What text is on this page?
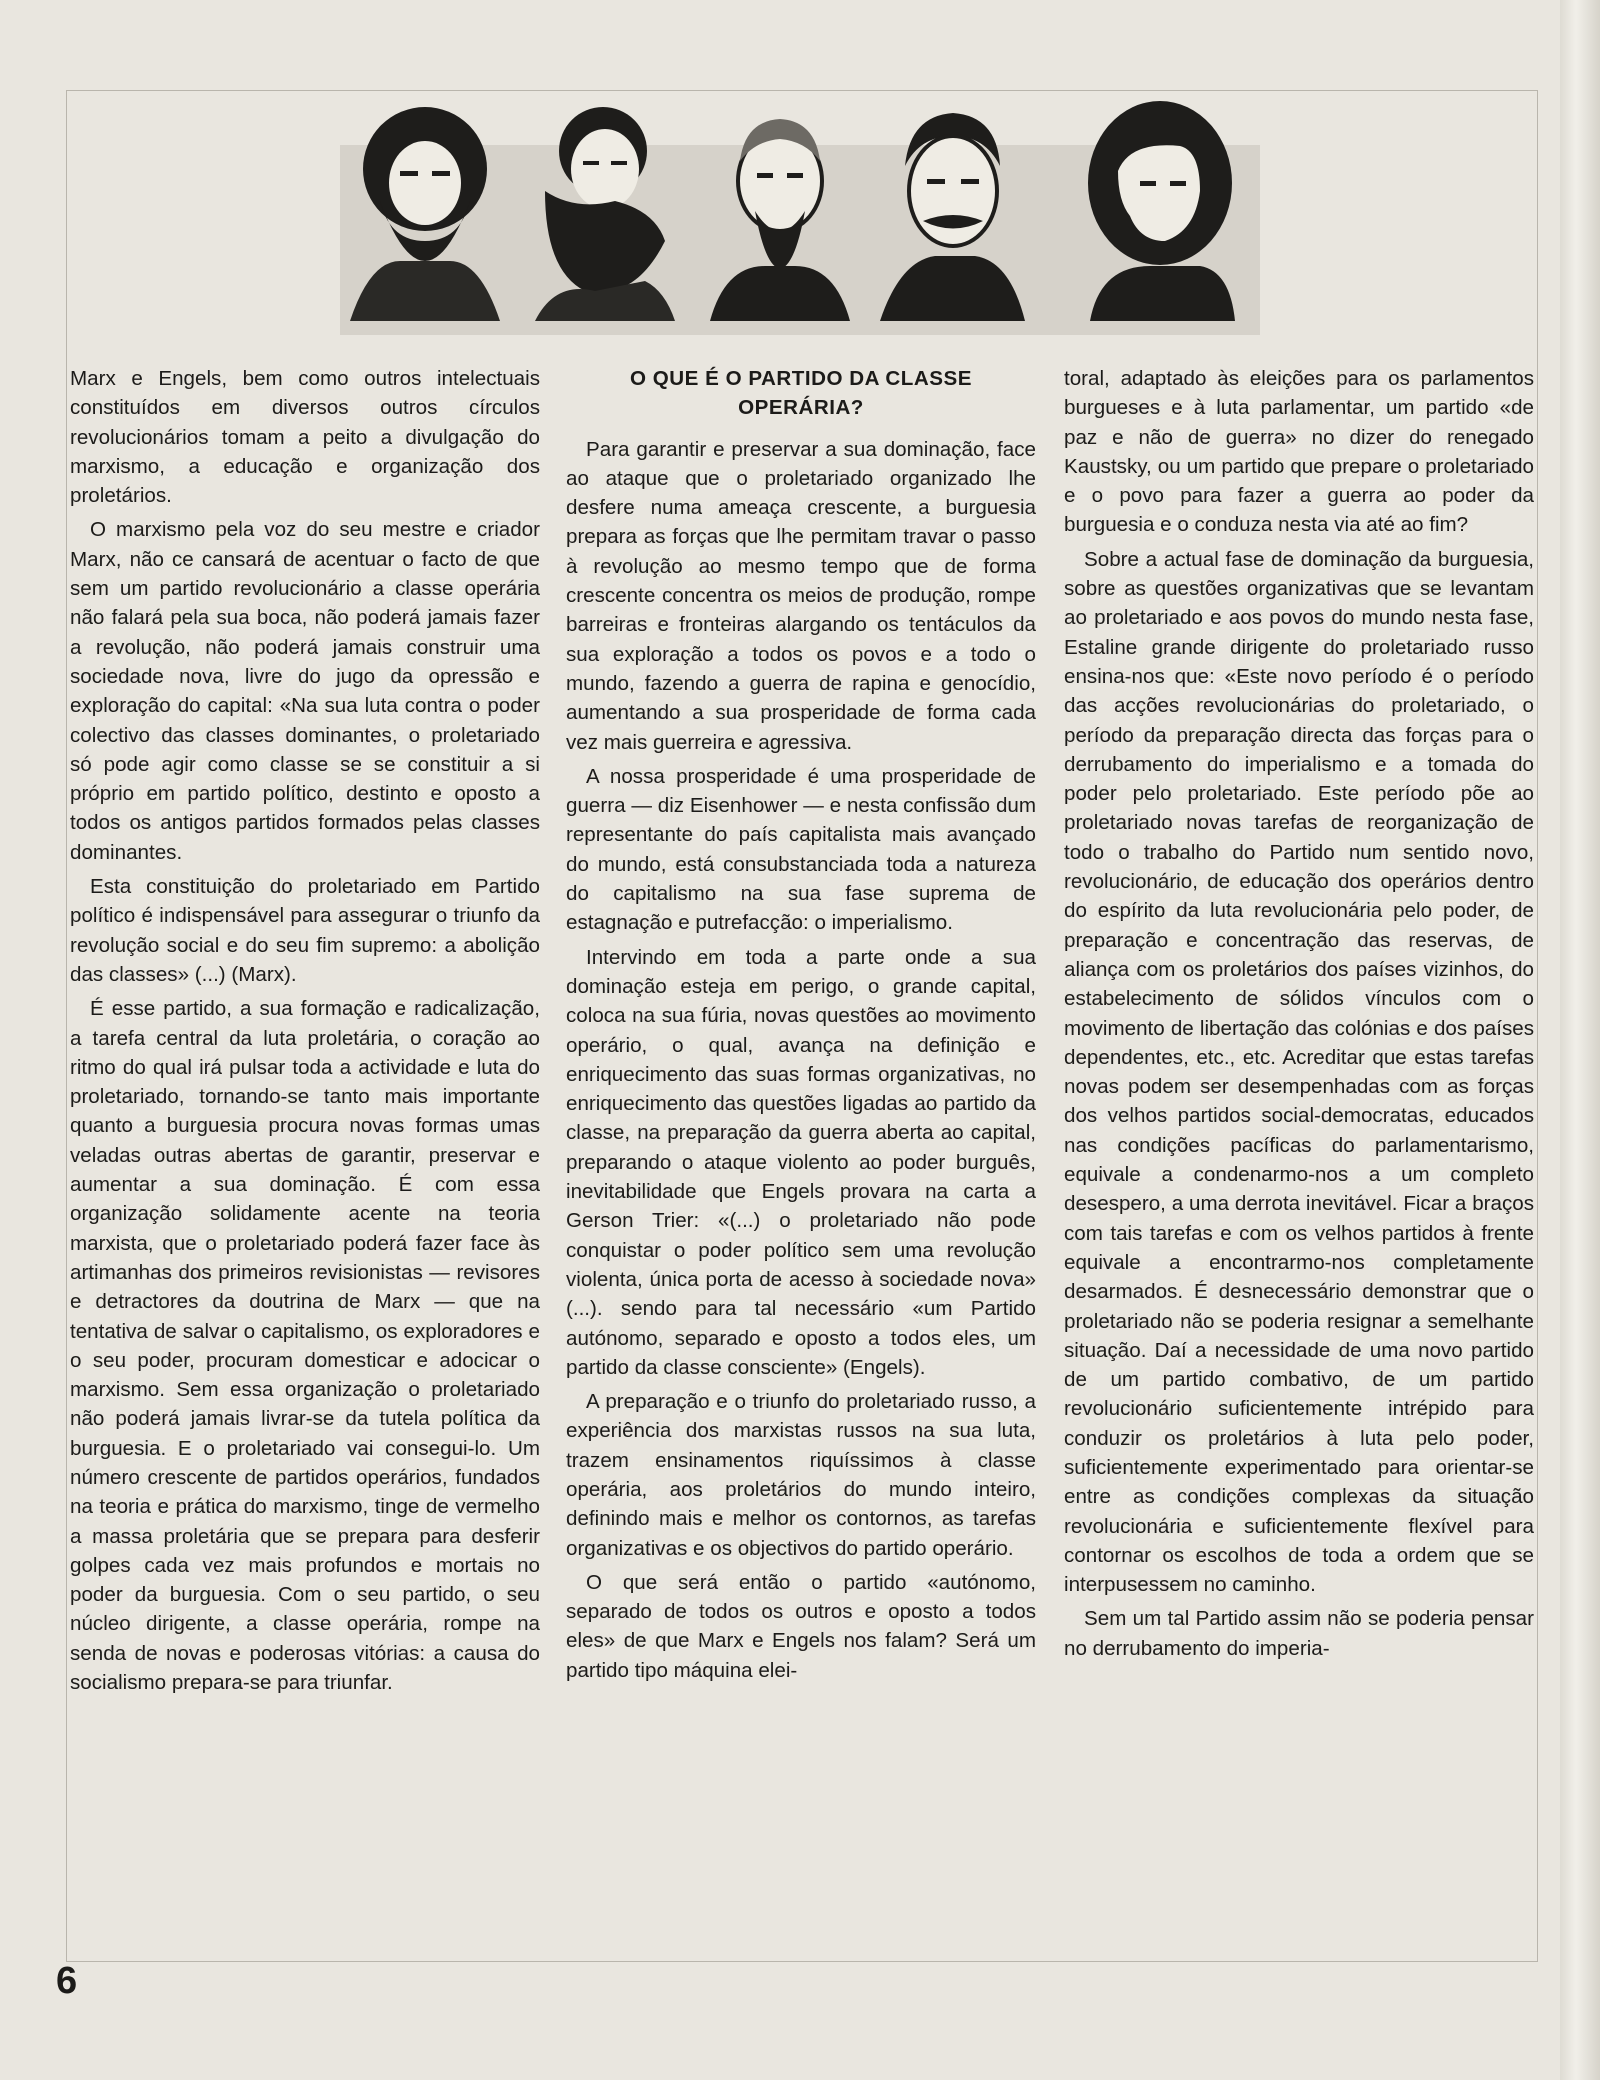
Marx e Engels, bem como outros intelectuais constituídos em diversos outros círculos revolucionários tomam a peito a divulgação do marxismo, a educação e organização dos proletários.

O marxismo pela voz do seu mestre e criador Marx, não ce cansará de acentuar o facto de que sem um partido revolucionário a classe operária não falará pela sua boca, não poderá jamais fazer a revolução, não poderá jamais construir uma sociedade nova, livre do jugo da opressão e exploração do capital: «Na sua luta contra o poder colectivo das classes dominantes, o proletariado só pode agir como classe se se constituir a si próprio em partido político, destinto e oposto a todos os antigos partidos formados pelas classes dominantes.

Esta constituição do proletariado em Partido político é indispensável para assegurar o triunfo da revolução social e do seu fim supremo: a abolição das classes» (...) (Marx).

É esse partido, a sua formação e radicalização, a tarefa central da luta proletária, o coração ao ritmo do qual irá pulsar toda a actividade e luta do proletariado, tornando-se tanto mais importante quanto a burguesia procura novas formas umas veladas outras abertas de garantir, preservar e aumentar a sua dominação. É com essa organização solidamente acente na teoria marxista, que o proletariado poderá fazer face às artimanhas dos primeiros revisionistas — revisores e detractores da doutrina de Marx — que na tentativa de salvar o capitalismo, os exploradores e o seu poder, procuram domesticar e adocicar o marxismo. Sem essa organização o proletariado não poderá jamais livrar-se da tutela política da burguesia. E o proletariado vai consegui-lo. Um número crescente de partidos operários, fundados na teoria e prática do marxismo, tinge de vermelho a massa proletária que se prepara para desferir golpes cada vez mais profundos e mortais no poder da burguesia. Com o seu partido, o seu núcleo dirigente, a classe operária, rompe na senda de novas e poderosas vitórias: a causa do socialismo prepara-se para triunfar.

O QUE É O PARTIDO DA CLASSE OPERÁRIA?

Para garantir e preservar a sua dominação, face ao ataque que o proletariado organizado lhe desfere numa ameaça crescente, a burguesia prepara as forças que lhe permitam travar o passo à revolução ao mesmo tempo que de forma crescente concentra os meios de produção, rompe barreiras e fronteiras alargando os tentáculos da sua exploração a todos os povos e a todo o mundo, fazendo a guerra de rapina e genocídio, aumentando a sua prosperidade de forma cada vez mais guerreira e agressiva.

A nossa prosperidade é uma prosperidade de guerra — diz Eisenhower — e nesta confissão dum representante do país capitalista mais avançado do mundo, está consubstanciada toda a natureza do capitalismo na sua fase suprema de estagnação e putrefacção: o imperialismo.

Intervindo em toda a parte onde a sua dominação esteja em perigo, o grande capital, coloca na sua fúria, novas questões ao movimento operário, o qual, avança na definição e enriquecimento das suas formas organizativas, no enriquecimento das questões ligadas ao partido da classe, na preparação da guerra aberta ao capital, preparando o ataque violento ao poder burguês, inevitabilidade que Engels provara na carta a Gerson Trier: «(...) o proletariado não pode conquistar o poder político sem uma revolução violenta, única porta de acesso à sociedade nova» (...). sendo para tal necessário «um Partido autónomo, separado e oposto a todos eles, um partido da classe consciente» (Engels).

A preparação e o triunfo do proletariado russo, a experiência dos marxistas russos na sua luta, trazem ensinamentos riquíssimos à classe operária, aos proletários do mundo inteiro, definindo mais e melhor os contornos, as tarefas organizativas e os objectivos do partido operário.

O que será então o partido «autónomo, separado de todos os outros e oposto a todos eles» de que Marx e Engels nos falam? Será um partido tipo máquina elei-

toral, adaptado às eleições para os parlamentos burgueses e à luta parlamentar, um partido «de paz e não de guerra» no dizer do renegado Kaustsky, ou um partido que prepare o proletariado e o povo para fazer a guerra ao poder da burguesia e o conduza nesta via até ao fim?

Sobre a actual fase de dominação da burguesia, sobre as questões organizativas que se levantam ao proletariado e aos povos do mundo nesta fase, Estaline grande dirigente do proletariado russo ensina-nos que: «Este novo período é o período das acções revolucionárias do proletariado, o período da preparação directa das forças para o derrubamento do imperialismo e a tomada do poder pelo proletariado. Este período põe ao proletariado novas tarefas de reorganização de todo o trabalho do Partido num sentido novo, revolucionário, de educação dos operários dentro do espírito da luta revolucionária pelo poder, de preparação e concentração das reservas, de aliança com os proletários dos países vizinhos, do estabelecimento de sólidos vínculos com o movimento de libertação das colónias e dos países dependentes, etc., etc. Acreditar que estas tarefas novas podem ser desempenhadas com as forças dos velhos partidos social-democratas, educados nas condições pacíficas do parlamentarismo, equivale a condenarmo-nos a um completo desespero, a uma derrota inevitável. Ficar a braços com tais tarefas e com os velhos partidos à frente equivale a encontrarmo-nos completamente desarmados. É desnecessário demonstrar que o proletariado não se poderia resignar a semelhante situação. Daí a necessidade de uma novo partido de um partido combativo, de um partido revolucionário suficientemente intrépido para conduzir os proletários à luta pelo poder, suficientemente experimentado para orientar-se entre as condições complexas da situação revolucionária e suficientemente flexível para contornar os escolhos de toda a ordem que se interpusessem no caminho.

Sem um tal Partido assim não se poderia pensar no derrubamento do imperia-

6
